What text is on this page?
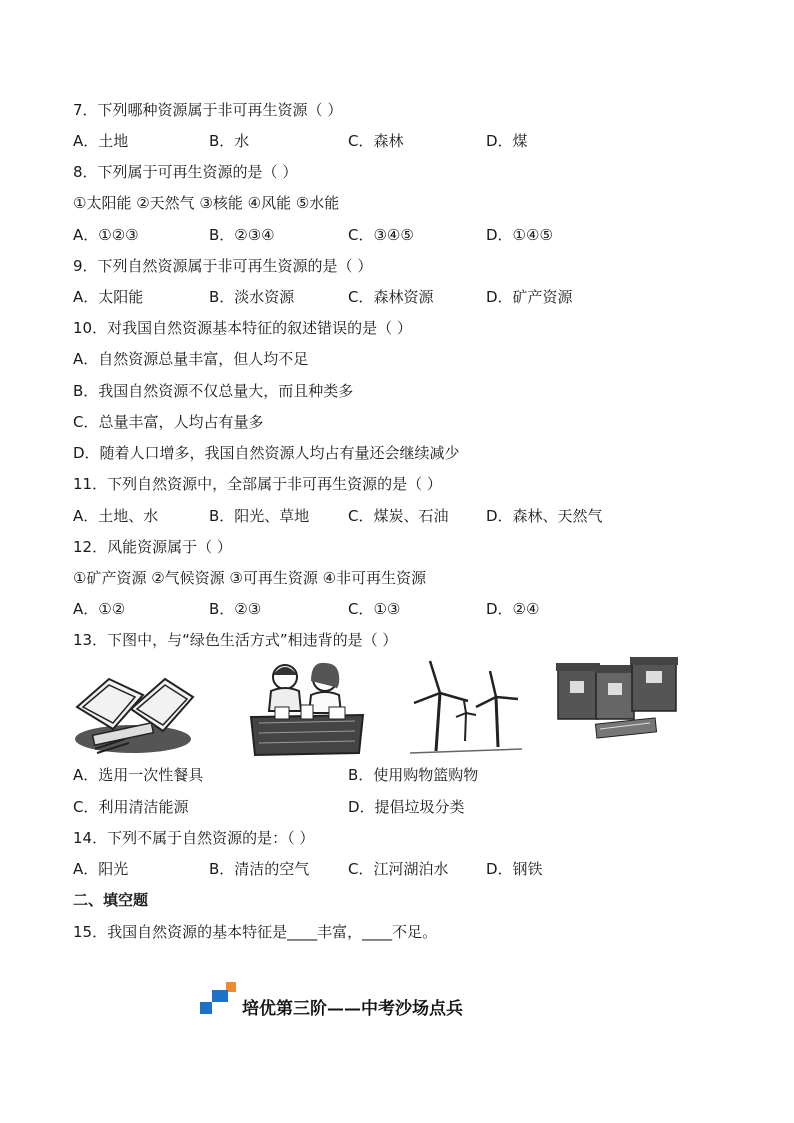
7．下列哪种资源属于非可再生资源（ ）
A．土地	B．水	C．森林	D．煤
8．下列属于可再生资源的是（ ）
①太阳能 ②天然气 ③核能 ④风能 ⑤水能
A．①②③	B．②③④	C．③④⑤	D．①④⑤
9．下列自然资源属于非可再生资源的是（ ）
A．太阳能	B．淡水资源	C．森林资源	D．矿产资源
10．对我国自然资源基本特征的叙述错误的是（ ）
A．自然资源总量丰富，但人均不足
B．我国自然资源不仅总量大，而且种类多
C．总量丰富，人均占有量多
D．随着人口增多，我国自然资源人均占有量还会继续减少
11．下列自然资源中，全部属于非可再生资源的是（ ）
A．土地、水	B．阳光、草地	C．煤炭、石油	D．森林、天然气
12．风能资源属于（ ）
①矿产资源 ②气候资源 ③可再生资源 ④非可再生资源
A．①②	B．②③	C．①③	D．②④
13．下图中，与“绿色生活方式”相违背的是（ ）
A．选用一次性餐具	B．使用购物篮购物
C．利用清洁能源	D．提倡垃圾分类
14．下列不属于自然资源的是：（ ）
A．阳光	B．清洁的空气	C．江河湖泊水	D．钢铁
二、填空题
15．我国自然资源的基本特征是____丰富，____不足。
培优第三阶——中考沙场点兵
